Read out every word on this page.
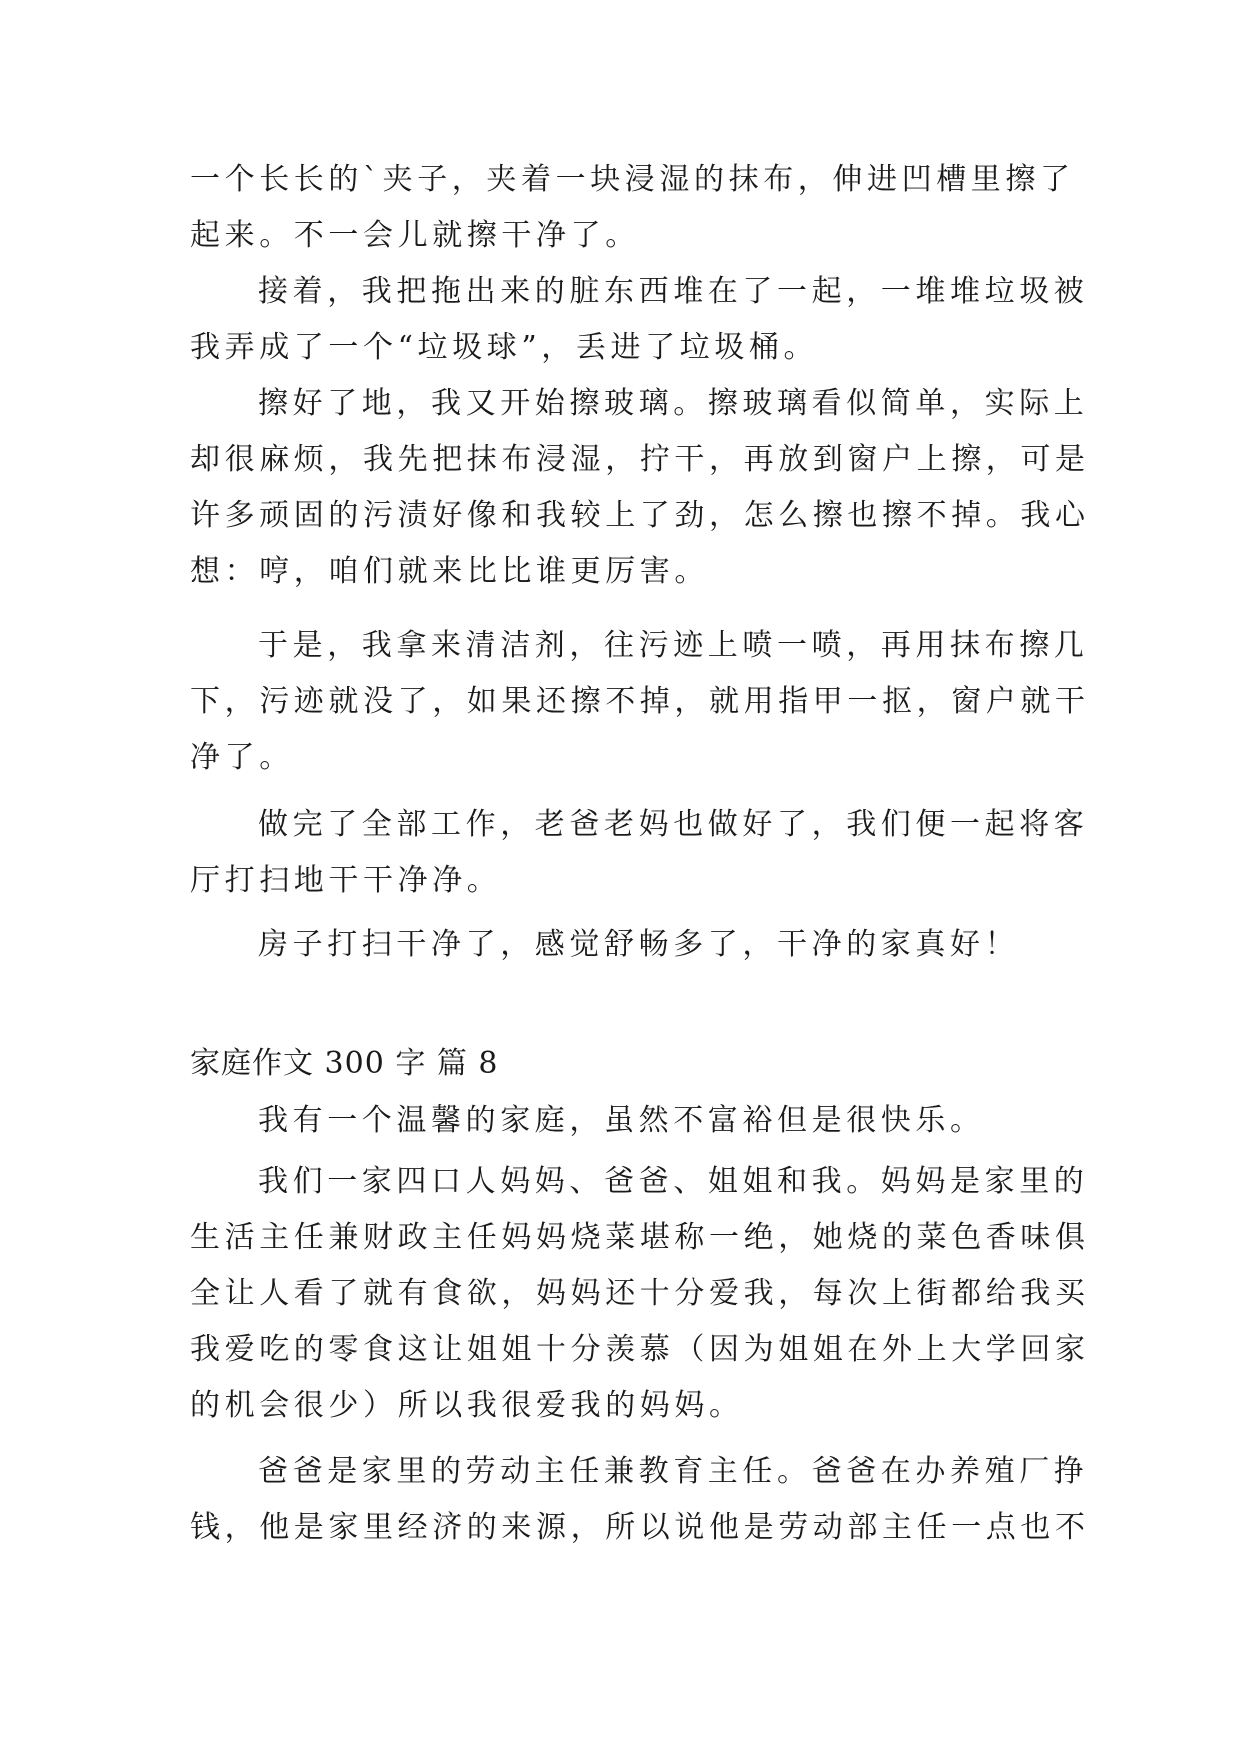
一个长长的`夹子，夹着一块浸湿的抹布，伸进凹槽里擦了
起来。不一会儿就擦干净了。
接着，我把拖出来的脏东西堆在了一起，一堆堆垃圾被
我弄成了一个“垃圾球”，丢进了垃圾桶。
擦好了地，我又开始擦玻璃。擦玻璃看似简单，实际上
却很麻烦，我先把抹布浸湿，拧干，再放到窗户上擦，可是
许多顽固的污渍好像和我较上了劲，怎么擦也擦不掉。我心
想：哼，咱们就来比比谁更厉害。
于是，我拿来清洁剂，往污迹上喷一喷，再用抹布擦几
下，污迹就没了，如果还擦不掉，就用指甲一抠，窗户就干
净了。
做完了全部工作，老爸老妈也做好了，我们便一起将客
厅打扫地干干净净。
房子打扫干净了，感觉舒畅多了，干净的家真好！
家庭作文 300 字 篇 8
我有一个温馨的家庭，虽然不富裕但是很快乐。
我们一家四口人妈妈、爸爸、姐姐和我。妈妈是家里的
生活主任兼财政主任妈妈烧菜堪称一绝，她烧的菜色香味俱
全让人看了就有食欲，妈妈还十分爱我，每次上街都给我买
我爱吃的零食这让姐姐十分羡慕（因为姐姐在外上大学回家
的机会很少）所以我很爱我的妈妈。
爸爸是家里的劳动主任兼教育主任。爸爸在办养殖厂挣
钱，他是家里经济的来源，所以说他是劳动部主任一点也不
